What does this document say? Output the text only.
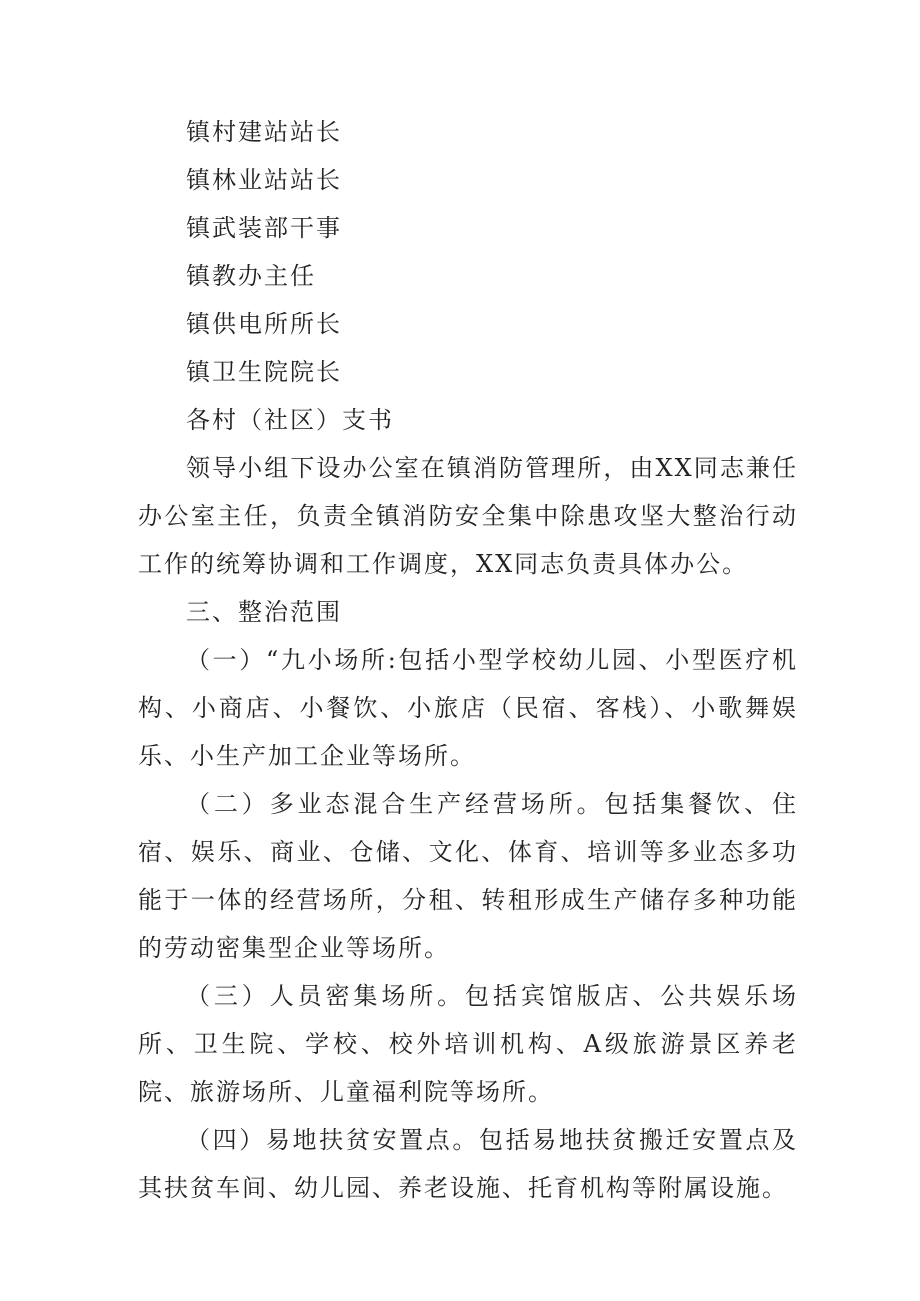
镇村建站站长

镇林业站站长

镇武装部干事

镇教办主任

镇供电所所长

镇卫生院院长

各村（社区）支书

领导小组下设办公室在镇消防管理所，由XX同志兼任办公室主任，负责全镇消防安全集中除患攻坚大整治行动工作的统筹协调和工作调度，XX同志负责具体办公。

三、整治范围

（一）“九小场所:包括小型学校幼儿园、小型医疗机构、小商店、小餐饮、小旅店（民宿、客栈）、小歌舞娱乐、小生产加工企业等场所。

（二）多业态混合生产经营场所。包括集餐饮、住宿、娱乐、商业、仓储、文化、体育、培训等多业态多功能于一体的经营场所，分租、转租形成生产储存多种功能的劳动密集型企业等场所。

（三）人员密集场所。包括宾馆版店、公共娱乐场所、卫生院、学校、校外培训机构、A级旅游景区养老院、旅游场所、儿童福利院等场所。

（四）易地扶贫安置点。包括易地扶贫搬迁安置点及其扶贫车间、幼儿园、养老设施、托育机构等附属设施。
